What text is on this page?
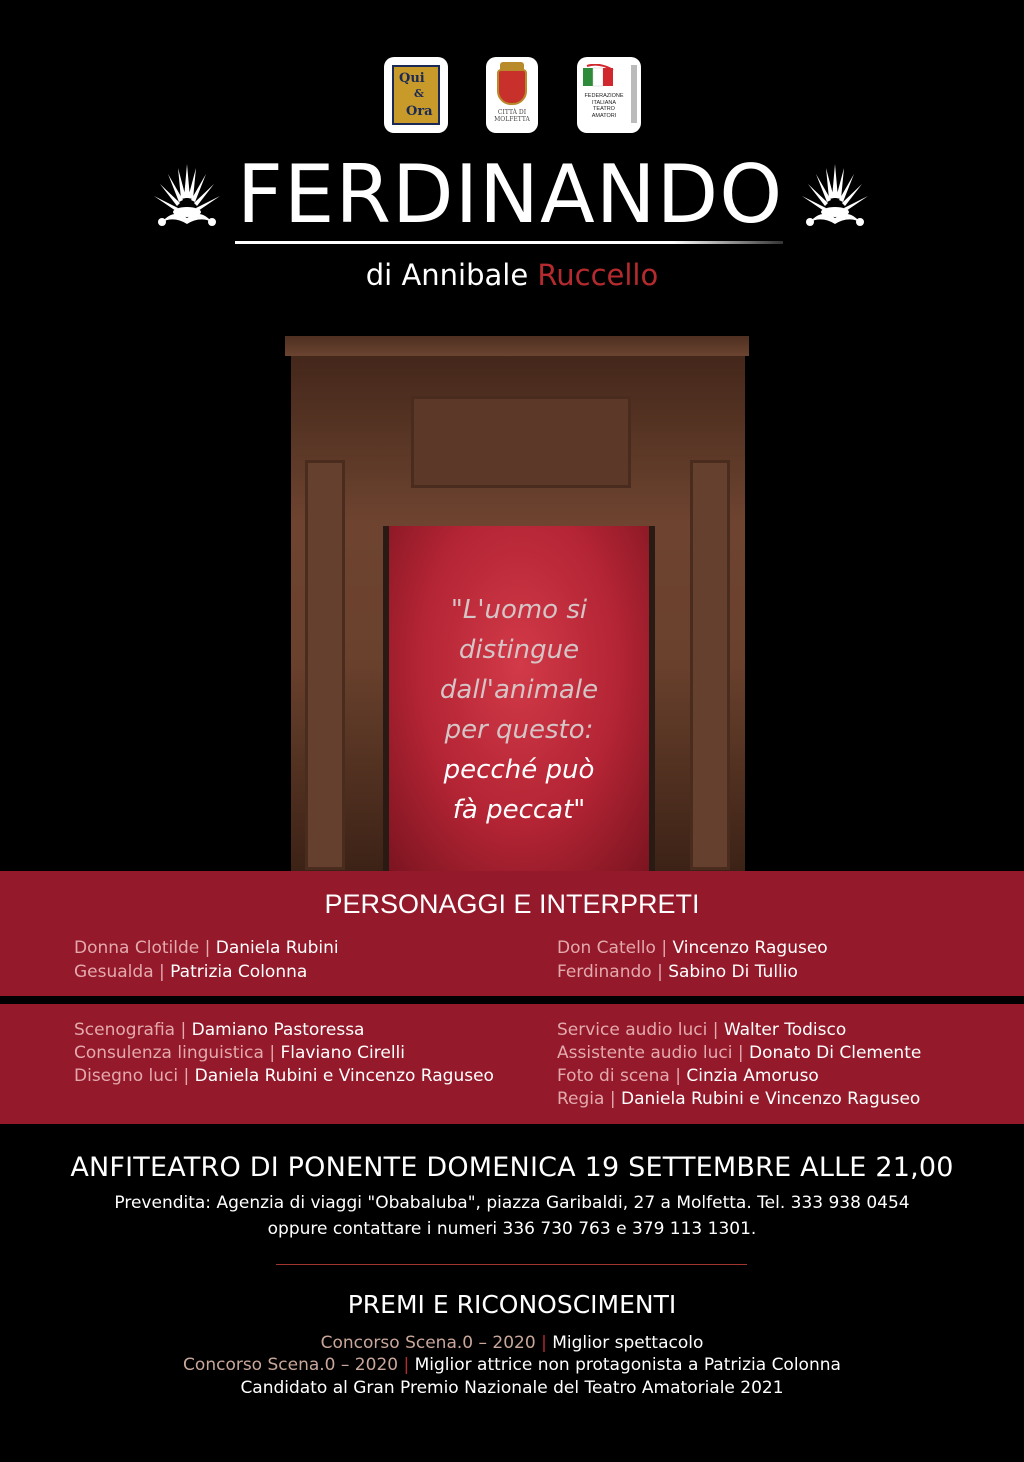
Qui
&
Ora	CITTÀ DI MOLFETTA
FEDERAZIONE ITALIANA TEATRO AMATORI
FERDINANDO
di Annibale Ruccello
"L'uomo si
distingue
dall'animale
per questo:
pecché può
fà peccat"
PERSONAGGI E INTERPRETI
Donna Clotilde | Daniela Rubini
Gesualda | Patrizia Colonna
Don Catello | Vincenzo Raguseo
Ferdinando | Sabino Di Tullio
Scenografia | Damiano Pastoressa
Consulenza linguistica | Flaviano Cirelli
Disegno luci | Daniela Rubini e Vincenzo Raguseo
Service audio luci | Walter Todisco
Assistente audio luci | Donato Di Clemente
Foto di scena | Cinzia Amoruso
Regia | Daniela Rubini e Vincenzo Raguseo
ANFITEATRO DI PONENTE DOMENICA 19 SETTEMBRE ALLE 21,00
Prevendita: Agenzia di viaggi "Obabaluba", piazza Garibaldi, 27 a Molfetta. Tel. 333 938 0454
oppure contattare i numeri 336 730 763 e 379 113 1301.
PREMI E RICONOSCIMENTI
Concorso Scena.0 – 2020 | Miglior spettacolo
Concorso Scena.0 – 2020 | Miglior attrice non protagonista a Patrizia Colonna
Candidato al Gran Premio Nazionale del Teatro Amatoriale 2021
